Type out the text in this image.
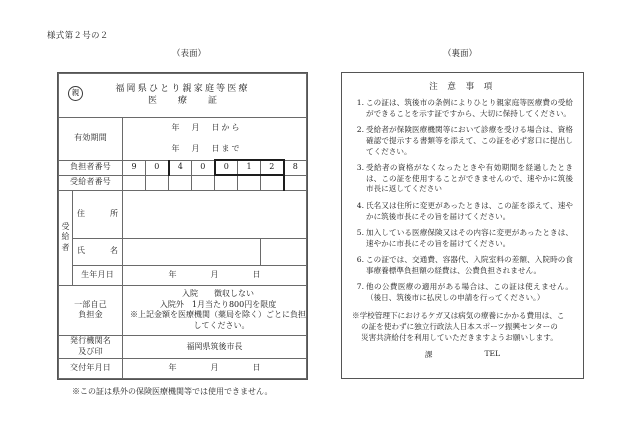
様式第２号の２
（表面）	（裏面）
親 福岡県ひとり親家庭等医療
医　療　証									

有効期間		年　月　日から
年　月　日まで							

負担者番号		9	0	4	0	0	1	2	8
受給者番号									

受
給
者	住　　所								
	氏　　名								
	生年月日	年　　月　　日							

一部自己
負担金

入院　　徴収しない
入院外　1月当たり800円を限度
※上記金額を医療機関（薬局を除く）ごとに負担
してください。

発行機関名
及び印		福岡県筑後市長							
交付年月日		年　　月　　日							
※この証は県外の保険医療機関等では使用できません。
注 意 事 項
1. この証は、筑後市の条例によりひとり親家庭等医療費の受給ができることを示す証ですから、大切に保持してください。
2. 受給者が保険医療機関等において診療を受ける場合は、資格確認で提示する書類等を添えて、この証を必ず窓口に提出してください。
3. 受給者の資格がなくなったときや有効期間を経過したときは、この証を使用することができませんので、速やかに筑後市長に返してください
4. 氏名又は住所に変更があったときは、この証を添えて、速やかに筑後市長にその旨を届けてください。
5. 加入している医療保険又はその内容に変更があったときは、速やかに市長にその旨を届けてください。
6. この証では、交通費、容器代、入院室料の差額、入院時の食事療養標準負担額の経費は、公費負担されません。
7. 他の公費医療の適用がある場合は、この証は使えません。（後日、筑後市に払戻しの申請を行ってください。）
※学校管理下におけるケガ又は病気の療養にかかる費用は、こ
の証を使わずに独立行政法人日本スポーツ振興センターの
災害共済給付を利用していただきますようお願いします。
課	TEL
